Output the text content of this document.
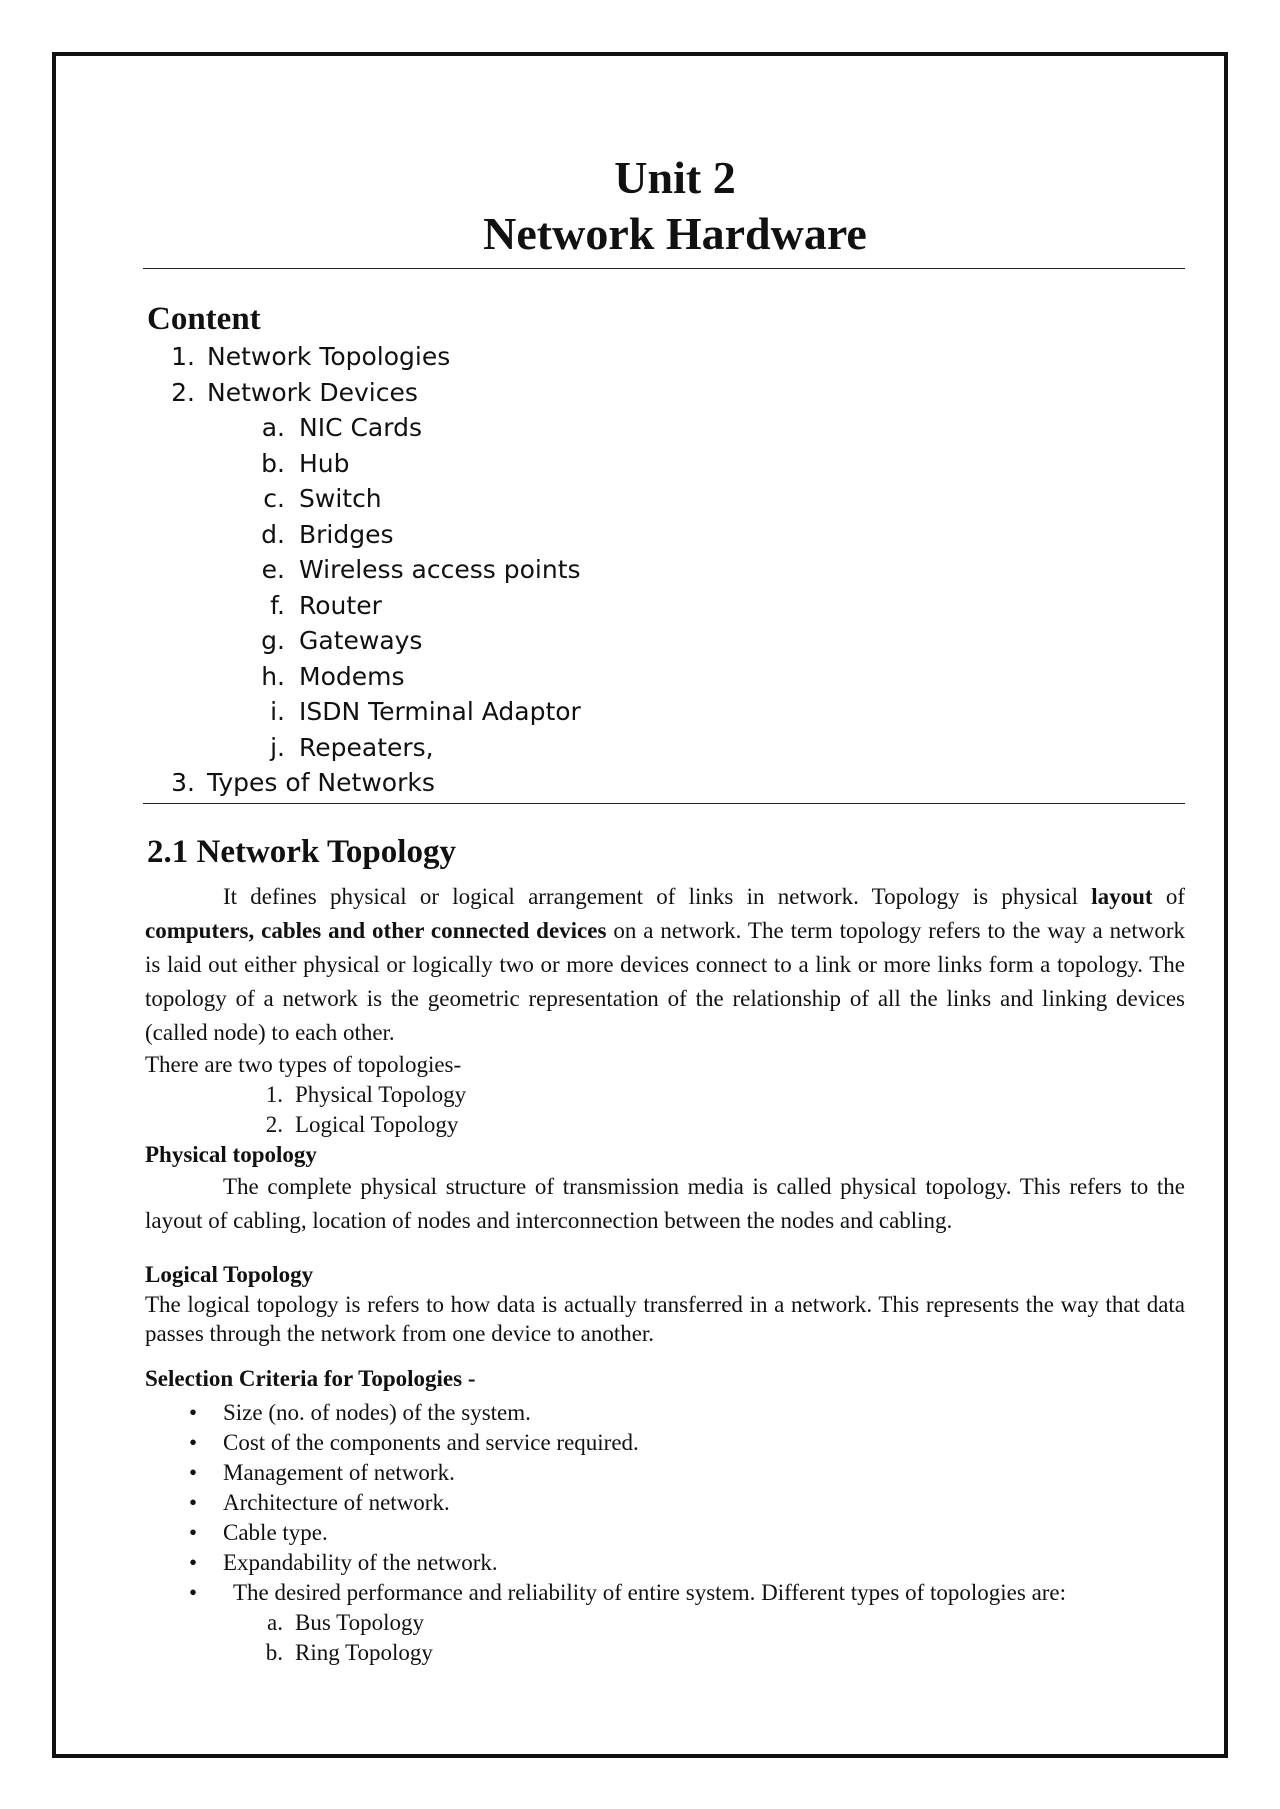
Unit 2
Network Hardware
Content
1. Network Topologies
2. Network Devices
a. NIC Cards
b. Hub
c. Switch
d. Bridges
e. Wireless access points
f. Router
g. Gateways
h. Modems
i. ISDN Terminal Adaptor
j. Repeaters,
3. Types of Networks
2.1 Network Topology

It defines physical or logical arrangement of links in network. Topology is physical layout of computers, cables and other connected devices on a network. The term topology refers to the way a network is laid out either physical or logically two or more devices connect to a link or more links form a topology. The topology of a network is the geometric representation of the relationship of all the links and linking devices (called node) to each other.

There are two types of topologies-

1. Physical Topology
2. Logical Topology

Physical topology

The complete physical structure of transmission media is called physical topology. This refers to the layout of cabling, location of nodes and interconnection between the nodes and cabling.

Logical Topology

The logical topology is refers to how data is actually transferred in a network. This represents the way that data passes through the network from one device to another.

Selection Criteria for Topologies -

• Size (no. of nodes) of the system.
• Cost of the components and service required.
• Management of network.
• Architecture of network.
• Cable type.
• Expandability of the network.
• The desired performance and reliability of entire system. Different types of topologies are:
a. Bus Topology
b. Ring Topology
